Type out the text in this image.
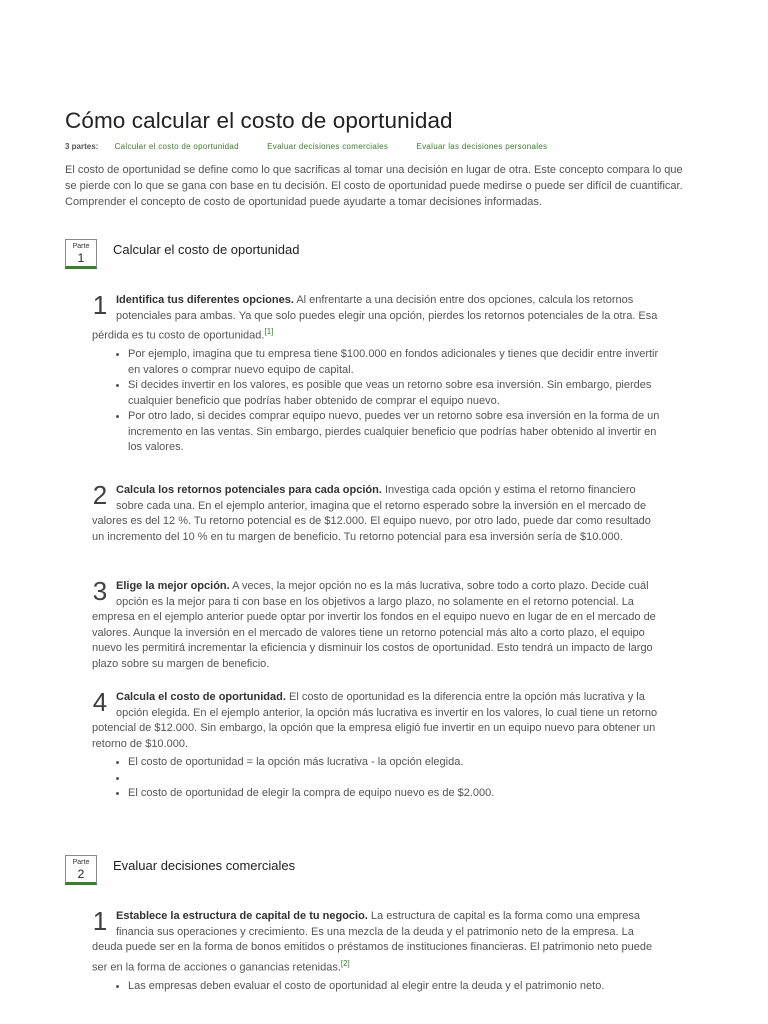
Cómo calcular el costo de oportunidad
3 partes: Calcular el costo de oportunidad	Evaluar decisiones comerciales	Evaluar las decisiones personales

El costo de oportunidad se define como lo que sacrificas al tomar una decisión en lugar de otra. Este concepto compara lo que se pierde con lo que se gana con base en tu decisión. El costo de oportunidad puede medirse o puede ser difícil de cuantificar. Comprender el concepto de costo de oportunidad puede ayudarte a tomar decisiones informadas.

Parte
1
Calcular el costo de oportunidad
1 Identifica tus diferentes opciones. Al enfrentarte a una decisión entre dos opciones, calcula los retornos potenciales para ambas. Ya que solo puedes elegir una opción, pierdes los retornos potenciales de la otra. Esa pérdida es tu costo de oportunidad.[1]

• Por ejemplo, imagina que tu empresa tiene $100.000 en fondos adicionales y tienes que decidir entre invertir en valores o comprar nuevo equipo de capital.
• Si decides invertir en los valores, es posible que veas un retorno sobre esa inversión. Sin embargo, pierdes cualquier beneficio que podrías haber obtenido de comprar el equipo nuevo.
• Por otro lado, si decides comprar equipo nuevo, puedes ver un retorno sobre esa inversión en la forma de un incremento en las ventas. Sin embargo, pierdes cualquier beneficio que podrías haber obtenido al invertir en los valores.
2 Calcula los retornos potenciales para cada opción. Investiga cada opción y estima el retorno financiero sobre cada una. En el ejemplo anterior, imagina que el retorno esperado sobre la inversión en el mercado de valores es del 12 %. Tu retorno potencial es de $12.000. El equipo nuevo, por otro lado, puede dar como resultado un incremento del 10 % en tu margen de beneficio. Tu retorno potencial para esa inversión sería de $10.000.

3 Elige la mejor opción. A veces, la mejor opción no es la más lucrativa, sobre todo a corto plazo. Decide cuál opción es la mejor para ti con base en los objetivos a largo plazo, no solamente en el retorno potencial. La empresa en el ejemplo anterior puede optar por invertir los fondos en el equipo nuevo en lugar de en el mercado de valores. Aunque la inversión en el mercado de valores tiene un retorno potencial más alto a corto plazo, el equipo nuevo les permitirá incrementar la eficiencia y disminuir los costos de oportunidad. Esto tendrá un impacto de largo plazo sobre su margen de beneficio.

4 Calcula el costo de oportunidad. El costo de oportunidad es la diferencia entre la opción más lucrativa y la opción elegida. En el ejemplo anterior, la opción más lucrativa es invertir en los valores, lo cual tiene un retorno potencial de $12.000. Sin embargo, la opción que la empresa eligió fue invertir en un equipo nuevo para obtener un retorno de $10.000.

• El costo de oportunidad = la opción más lucrativa - la opción elegida.
•
• El costo de oportunidad de elegir la compra de equipo nuevo es de $2.000.
Parte
2
Evaluar decisiones comerciales
1 Establece la estructura de capital de tu negocio. La estructura de capital es la forma como una empresa financia sus operaciones y crecimiento. Es una mezcla de la deuda y el patrimonio neto de la empresa. La deuda puede ser en la forma de bonos emitidos o préstamos de instituciones financieras. El patrimonio neto puede ser en la forma de acciones o ganancias retenidas.[2]

• Las empresas deben evaluar el costo de oportunidad al elegir entre la deuda y el patrimonio neto.
